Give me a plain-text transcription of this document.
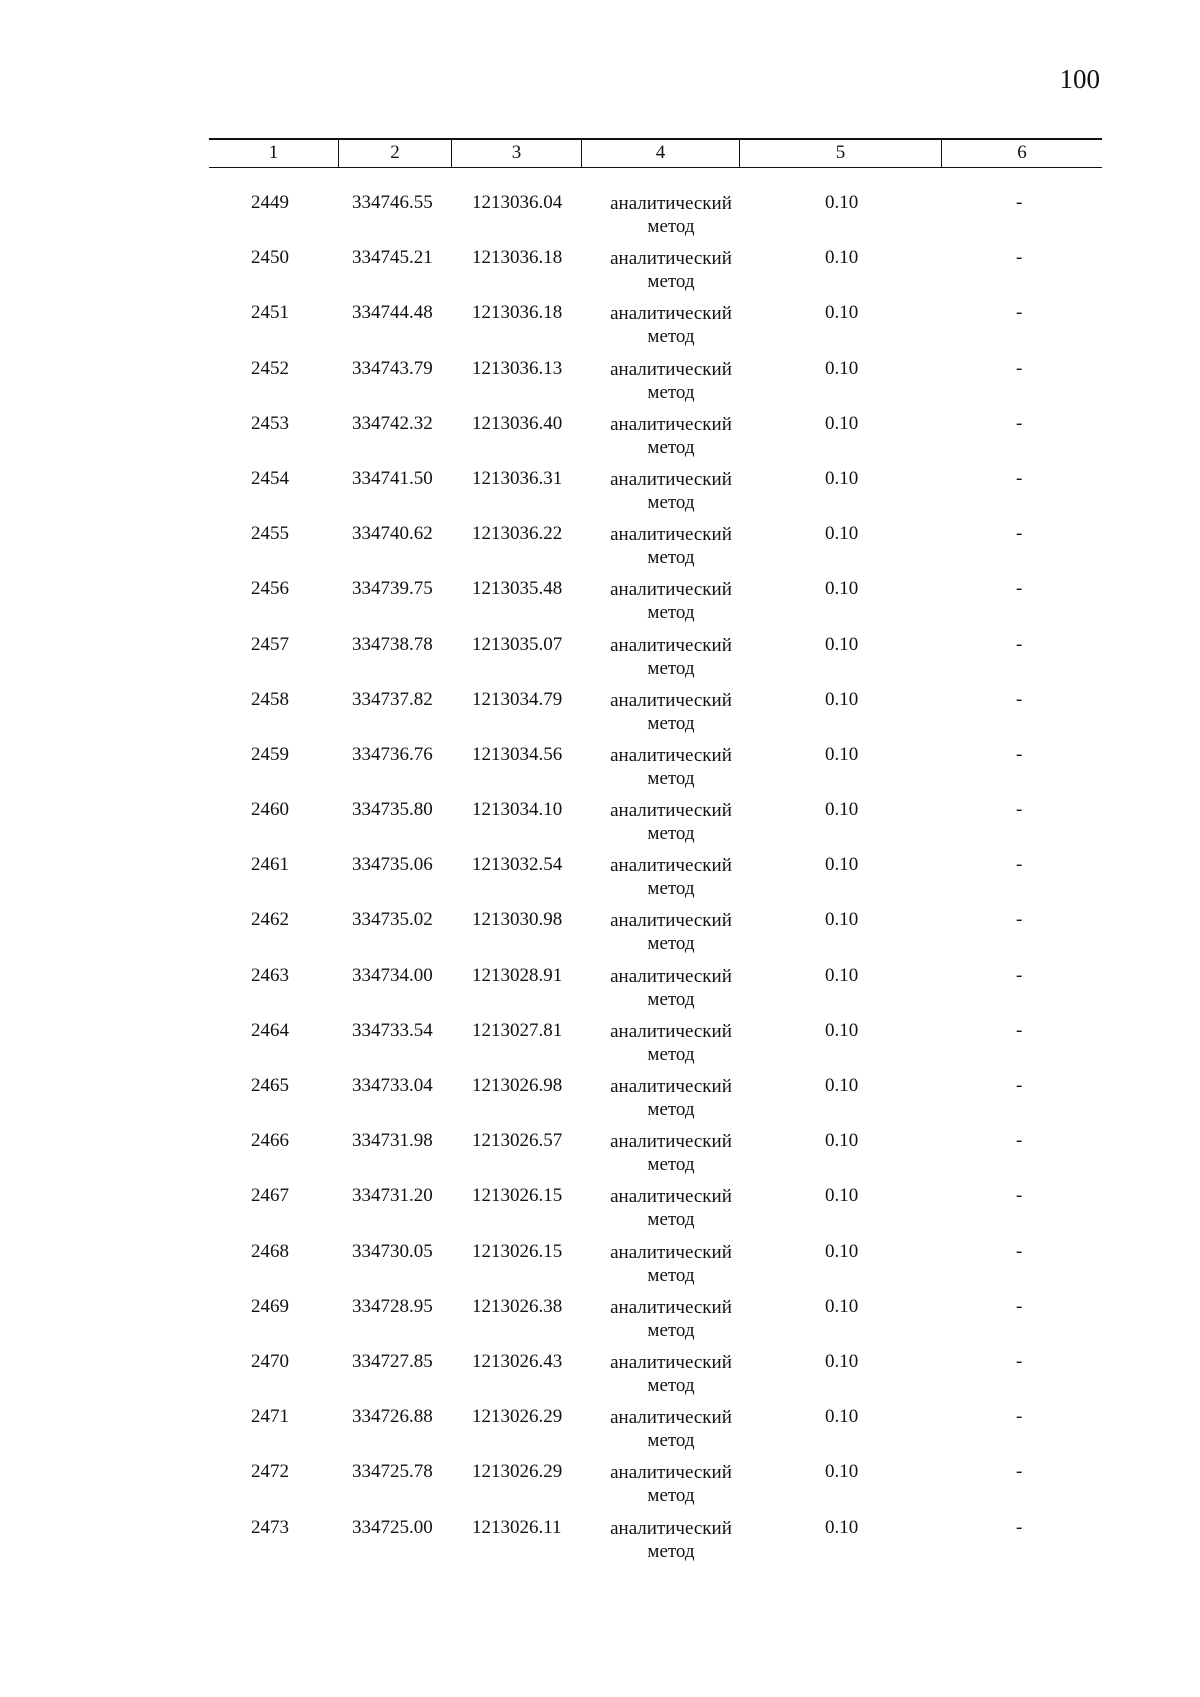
100
1	2	3	4	5	6
2449	334746.55 1213036.04	аналитический
метод
0.10	-
2450	334745.21 1213036.18	аналитический
метод
0.10	-
2451	334744.48 1213036.18	аналитический
метод
0.10	-
2452	334743.79 1213036.13	аналитический
метод
0.10	-
2453	334742.32 1213036.40	аналитический
метод
0.10	-
2454	334741.50 1213036.31	аналитический
метод
0.10	-
2455	334740.62 1213036.22	аналитический
метод
0.10	-
2456	334739.75 1213035.48	аналитический
метод
0.10	-
2457	334738.78 1213035.07	аналитический
метод
0.10	-
2458	334737.82 1213034.79	аналитический
метод
0.10	-
2459	334736.76 1213034.56	аналитический
метод
0.10	-
2460	334735.80 1213034.10	аналитический
метод
0.10	-
2461	334735.06 1213032.54	аналитический
метод
0.10	-
2462	334735.02 1213030.98	аналитический
метод
0.10	-
2463	334734.00 1213028.91	аналитический
метод
0.10	-
2464	334733.54 1213027.81	аналитический
метод
0.10	-
2465	334733.04 1213026.98	аналитический
метод
0.10	-
2466	334731.98 1213026.57	аналитический
метод
0.10	-
2467	334731.20 1213026.15	аналитический
метод
0.10	-
2468	334730.05 1213026.15	аналитический
метод
0.10	-
2469	334728.95 1213026.38	аналитический
метод
0.10	-
2470	334727.85 1213026.43	аналитический
метод
0.10	-
2471	334726.88 1213026.29	аналитический
метод
0.10	-
2472	334725.78 1213026.29	аналитический
метод
0.10	-
2473	334725.00 1213026.11	аналитический
метод
0.10	-
